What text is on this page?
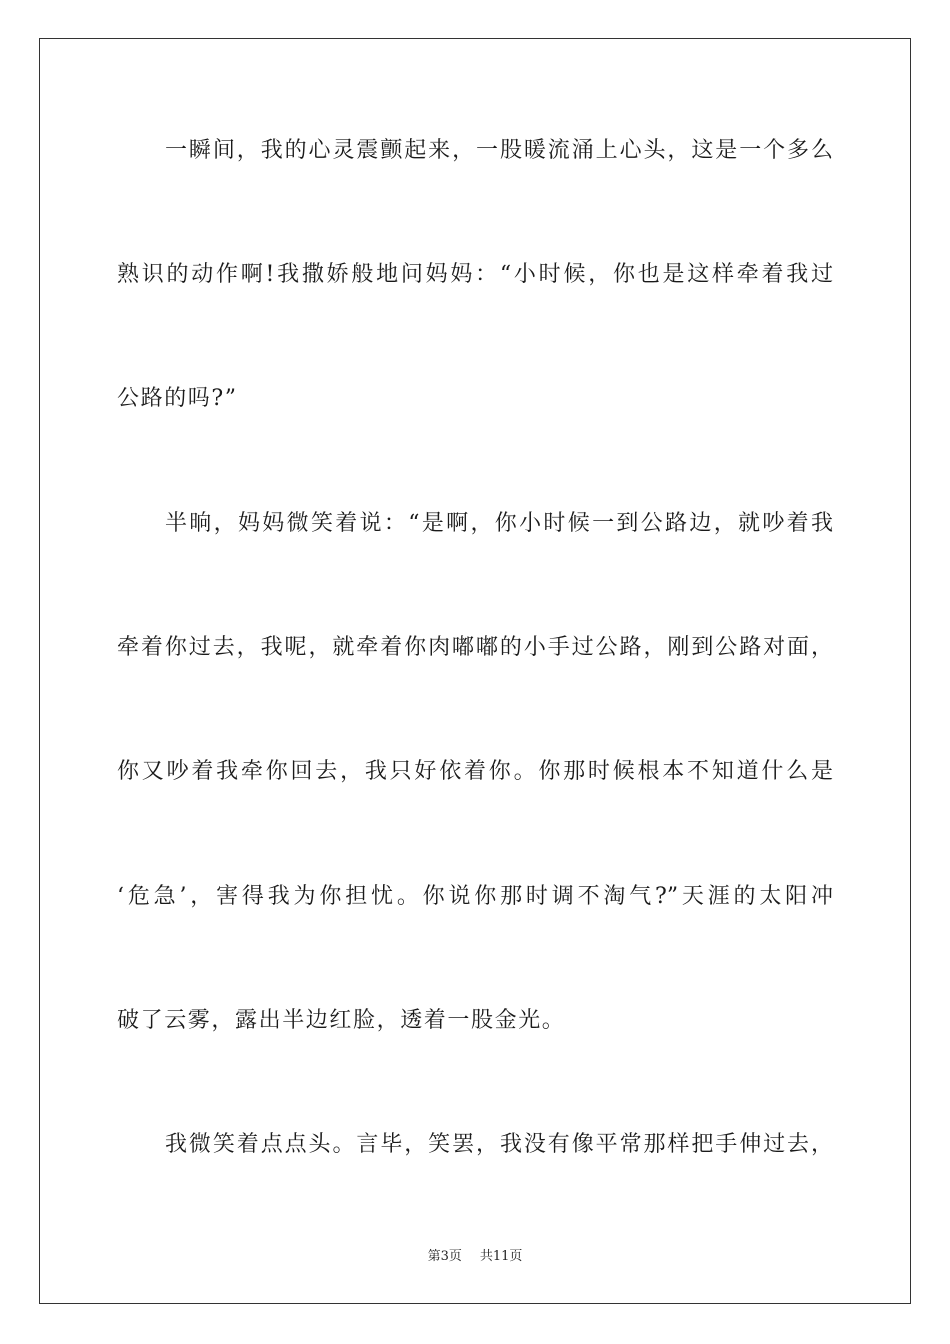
一瞬间，我的心灵震颤起来，一股暖流涌上心头，这是一个多么
熟识的动作啊!我撒娇般地问妈妈：“小时候，你也是这样牵着我过
公路的吗?”
半晌，妈妈微笑着说：“是啊，你小时候一到公路边，就吵着我
牵着你过去，我呢，就牵着你肉嘟嘟的小手过公路，刚到公路对面，
你又吵着我牵你回去，我只好依着你。你那时候根本不知道什么是
‘危急’，害得我为你担忧。你说你那时调不淘气?”天涯的太阳冲
破了云雾，露出半边红脸，透着一股金光。
我微笑着点点头。言毕，笑罢，我没有像平常那样把手伸过去，
第3页 共11页
